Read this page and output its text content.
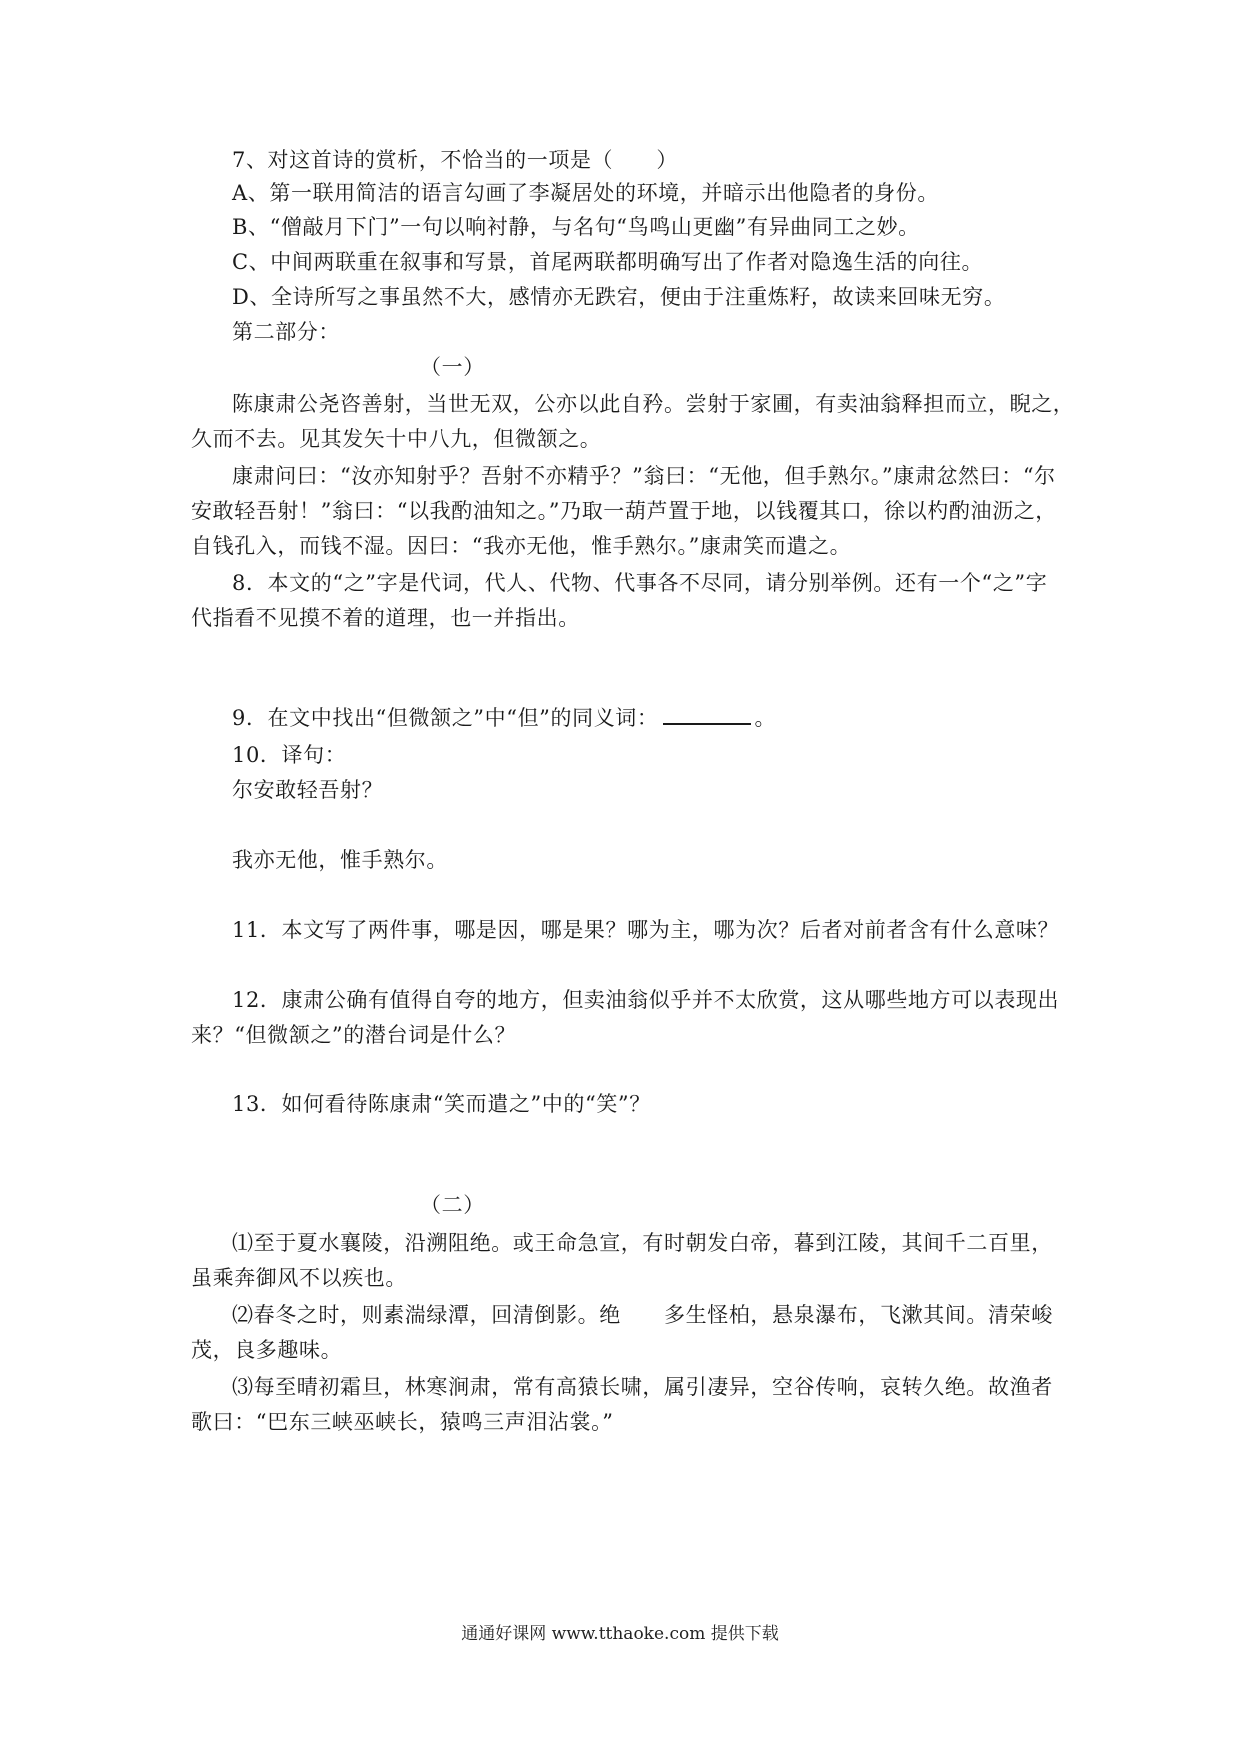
7、对这首诗的赏析，不恰当的一项是（　　）
A、第一联用简洁的语言勾画了李凝居处的环境，并暗示出他隐者的身份。
B、“僧敲月下门”一句以响衬静，与名句“鸟鸣山更幽”有异曲同工之妙。
C、中间两联重在叙事和写景，首尾两联都明确写出了作者对隐逸生活的向往。
D、全诗所写之事虽然不大，感情亦无跌宕，便由于注重炼籽，故读来回味无穷。
第二部分：
（一）
陈康肃公尧咨善射，当世无双，公亦以此自矜。尝射于家圃，有卖油翁释担而立，睨之，
久而不去。见其发矢十中八九，但微颔之。
康肃问曰：“汝亦知射乎？吾射不亦精乎？”翁曰：“无他，但手熟尔。”康肃忿然曰：“尔
安敢轻吾射！”翁曰：“以我酌油知之。”乃取一葫芦置于地，以钱覆其口，徐以杓酌油沥之，
自钱孔入，而钱不湿。因曰：“我亦无他，惟手熟尔。”康肃笑而遣之。
8．本文的“之”字是代词，代人、代物、代事各不尽同，请分别举例。还有一个“之”字
代指看不见摸不着的道理，也一并指出。
9．在文中找出“但微颔之”中“但”的同义词：	。
10．译句：
尔安敢轻吾射？
我亦无他，惟手熟尔。
11．本文写了两件事，哪是因，哪是果？哪为主，哪为次？后者对前者含有什么意味？
12．康肃公确有值得自夸的地方，但卖油翁似乎并不太欣赏，这从哪些地方可以表现出
来？“但微颔之”的潜台词是什么？
13．如何看待陈康肃“笑而遣之”中的“笑”？
（二）
⑴至于夏水襄陵，沿溯阻绝。或王命急宣，有时朝发白帝，暮到江陵，其间千二百里，
虽乘奔御风不以疾也。
⑵春冬之时，则素湍绿潭，回清倒影。绝　　多生怪柏，悬泉瀑布，飞漱其间。清荣峻
茂，良多趣味。
⑶每至晴初霜旦，林寒涧肃，常有高猿长啸，属引凄异，空谷传响，哀转久绝。故渔者
歌曰：“巴东三峡巫峡长，猿鸣三声泪沾裳。”
通通好课网 www.tthaoke.com 提供下载
